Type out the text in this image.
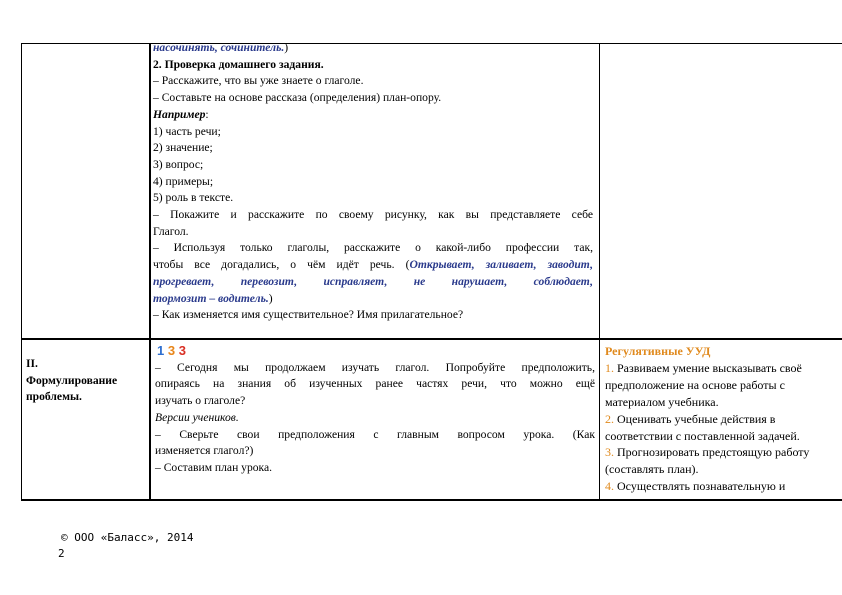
насочинять, сочинитель.)

2. Проверка домашнего задания.

– Расскажите, что вы уже знаете о глаголе.

– Составьте на основе рассказа (определения) план-опору.

Например:

1) часть речи;

2) значение;

3) вопрос;

4) примеры;

5) роль в тексте.

– Покажите и расскажите по своему рисунку, как вы представляете себе

Глагол.

– Используя только глаголы, расскажите о какой-либо профессии так,

чтобы все догадались, о чём идёт речь. (Открывает, заливает, заводит,

прогревает, перевозит, исправляет, не нарушает, соблюдает,

тормозит – водитель.)

– Как изменяется имя существительное? Имя прилагательное?

II.

Формулирование

проблемы.

1 3 3

– Сегодня мы продолжаем изучать глагол. Попробуйте предположить,

опираясь на знания об изученных ранее частях речи, что можно ещё

изучать о глаголе?

Версии учеников.

– Сверьте свои предположения с главным вопросом урока. (Как

изменяется глагол?)

– Составим план урока.

Регулятивные УУД

1. Развиваем умение высказывать своё

предположение на основе работы с

материалом учебника.

2. Оценивать учебные действия в

соответствии с поставленной задачей.

3. Прогнозировать предстоящую работу

(составлять план).

4. Осуществлять познавательную и

© ООО «Баласс», 2014
2
